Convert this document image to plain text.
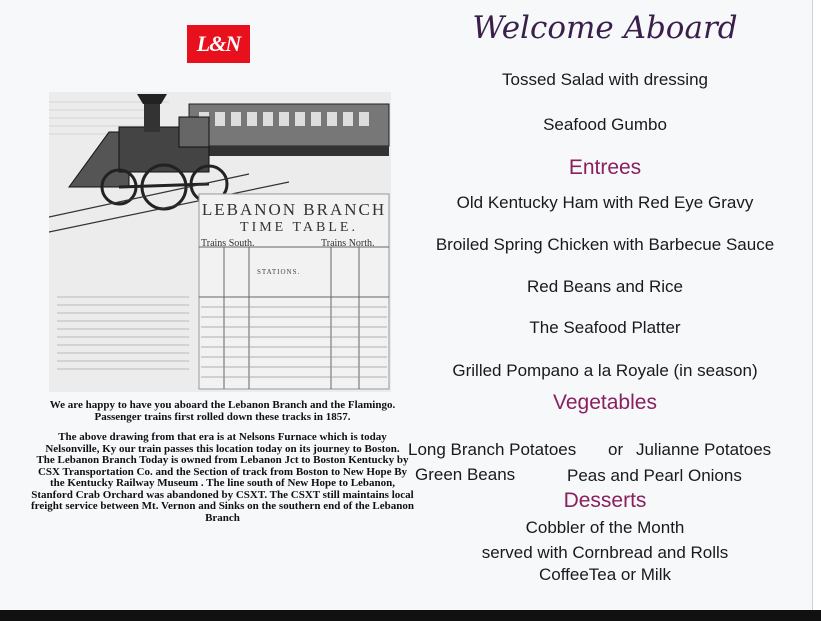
L&N
LEBANON BRANCH
TIME TABLE.
Trains South.	Trains North.
STATIONS.

We are happy to have you aboard the Lebanon Branch and the Flamingo. Passenger trains first rolled down these tracks in 1857.

The above drawing from that era is at Nelsons Furnace which is today Nelsonville, Ky our train passes this location today on its journey to Boston.

The Lebanon Branch Today is owned from Lebanon Jct to Boston Kentucky by CSX Transportation Co. and the Section of track from Boston to New Hope By the Kentucky Railway Museum . The line south of New Hope to Lebanon, Stanford Crab Orchard was abandoned by CSXT. The CSXT still maintains local freight service between Mt. Vernon and Sinks on the southern end of the Lebanon Branch

Welcome Aboard
Tossed Salad with dressing
Seafood Gumbo
Entrees
Old Kentucky Ham with Red Eye Gravy
Broiled Spring Chicken with Barbecue Sauce
Red Beans and Rice
The Seafood Platter
Grilled Pompano a la Royale (in season)
Vegetables
Long Branch Potatoes or Julianne Potatoes
Green Beans	Peas and Pearl Onions
Desserts
Cobbler of the Month
served with Cornbread and Rolls
CoffeeTea or Milk
